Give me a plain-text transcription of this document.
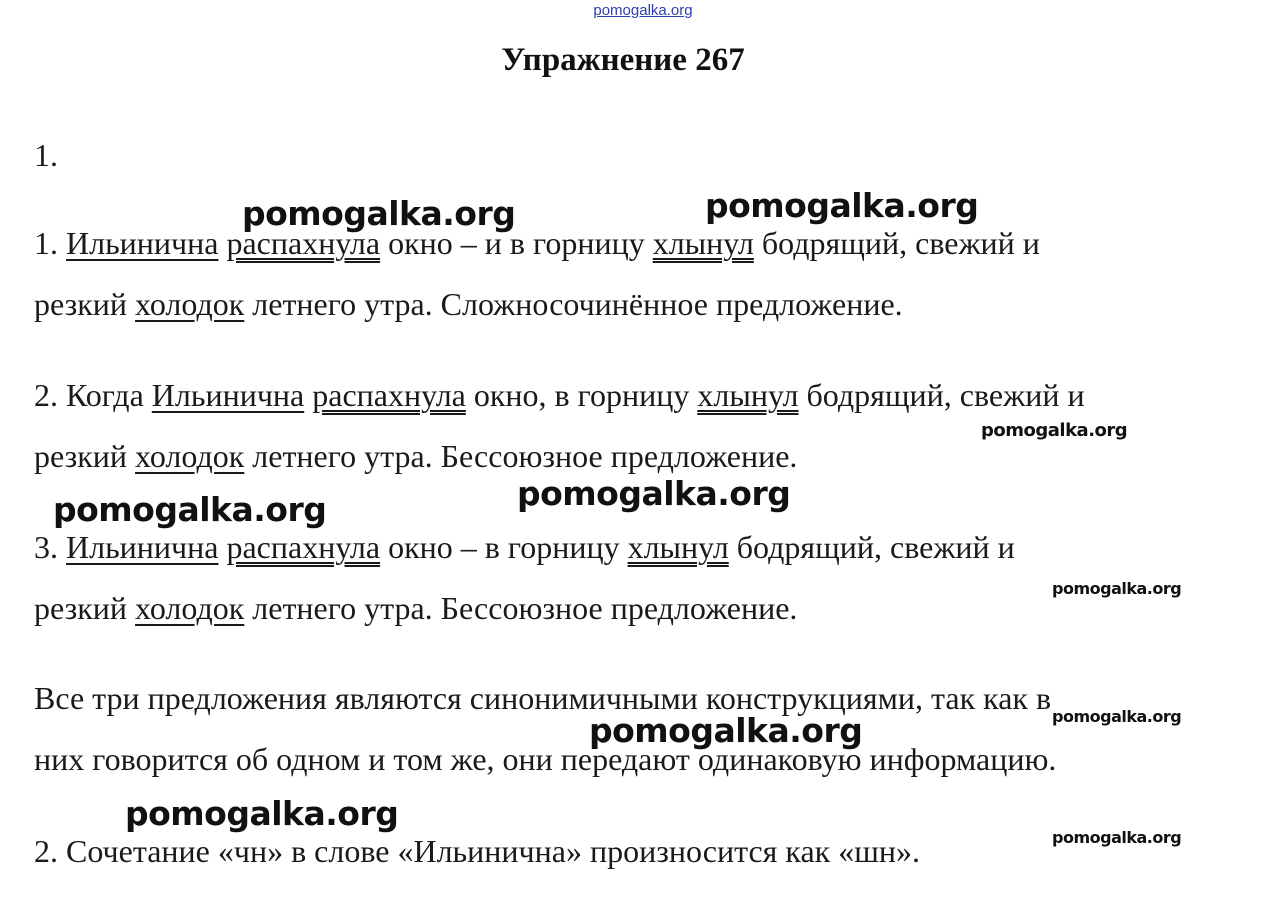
pomogalka.org
Упражнение 267
1.
1. Ильинична распахнула окно – и в горницу хлынул бодрящий, свежий и
резкий холодок летнего утра. Сложносочинённое предложение.
2. Когда Ильинична распахнула окно, в горницу хлынул бодрящий, свежий и
резкий холодок летнего утра. Бессоюзное предложение.
3. Ильинична распахнула окно – в горницу хлынул бодрящий, свежий и
резкий холодок летнего утра. Бессоюзное предложение.
Все три предложения являются синонимичными конструкциями, так как в
них говорится об одном и том же, они передают одинаковую информацию.
2. Сочетание «чн» в слове «Ильинична» произносится как «шн».
pomogalka.org	pomogalka.org
pomogalka.org
pomogalka.org
pomogalka.org
pomogalka.org
pomogalka.org
pomogalka.org
pomogalka.org
pomogalka.org
